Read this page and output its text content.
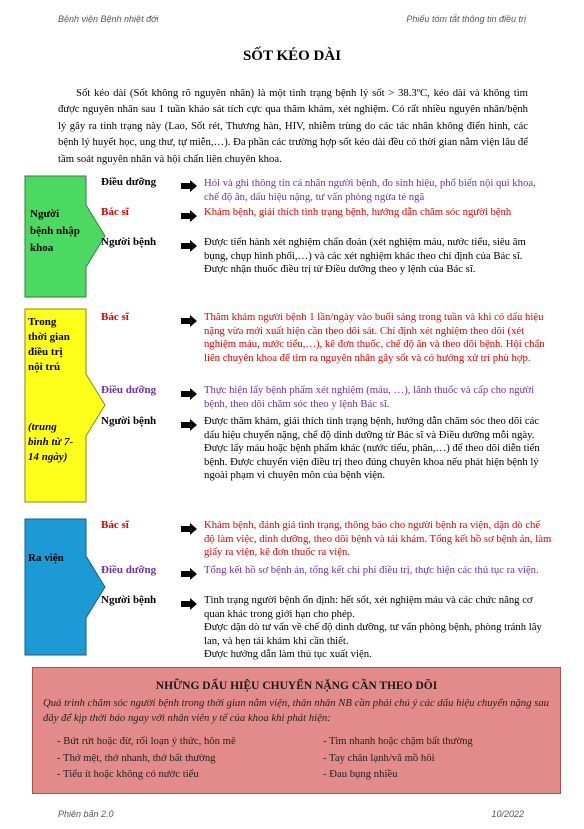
Bệnh viện Bệnh nhiệt đới	Phiếu tóm tắt thông tin điều trị
SỐT KÉO DÀI
Sốt kéo dài (Sốt không rõ nguyên nhân) là một tình trạng bệnh lý sốt > 38.3ºC, kéo dài và không tìm được nguyên nhân sau 1 tuần khảo sát tích cực qua thăm khám, xét nghiệm. Có rất nhiều nguyên nhân/bệnh lý gây ra tình trạng này (Lao, Sốt rét, Thương hàn, HIV, nhiễm trùng do các tác nhân không điển hình, các bệnh lý huyết học, ung thư, tự miễn,…). Đa phần các trường hợp sốt kéo dài đều có thời gian nằm viện lâu để tầm soát nguyên nhân và hội chẩn liên chuyên khoa.
Người bệnh nhập khoa
Trong thời gian điều trị nội trú
(trung bình từ 7-14 ngày)
Ra viện
Điều dưỡng	Hỏi và ghi thông tin cá nhân người bệnh, đo sinh hiệu, phổ biến nội qui khoa, chế độ ăn, dấu hiệu nặng, tư vấn phòng ngừa té ngã

Bác sĩ	Khám bệnh, giải thích tình trạng bệnh, hướng dẫn chăm sóc người bệnh

Người bệnh	Được tiến hành xét nghiệm chẩn đoán (xét nghiệm máu, nước tiểu, siêu âm bụng, chụp hình phổi,…) và các xét nghiệm khác theo chỉ định của Bác sĩ.

Được nhận thuốc điều trị từ Điều dưỡng theo y lệnh của Bác sĩ.

Bác sĩ	Thăm khám người bệnh 1 lần/ngày vào buổi sáng trong tuần và khi có dấu hiệu nặng vừa mới xuất hiện cần theo dõi sát. Chỉ định xét nghiệm theo dõi (xét nghiệm máu, nước tiểu,…), kê đơn thuốc, chế độ ăn và theo dõi bệnh. Hội chẩn liên chuyên khoa để tìm ra nguyên nhân gây sốt và có hướng xử trí phù hợp.

Điều dưỡng	Thực hiện lấy bệnh phẩm xét nghiệm (máu, …), lãnh thuốc và cấp cho người bệnh, theo dõi chăm sóc theo y lệnh Bác sĩ.

Người bệnh	Được thăm khám, giải thích tình trạng bệnh, hướng dẫn chăm sóc theo dõi các dấu hiệu chuyển nặng, chế độ dinh dưỡng từ Bác sĩ và Điều dưỡng mỗi ngày. Được lấy máu hoặc bệnh phẩm khác (nước tiểu, phân,…) để theo dõi diễn tiến bệnh. Được chuyển viện điều trị theo đúng chuyên khoa nếu phát hiện bệnh lý ngoài phạm vi chuyên môn của bệnh viện.

Bác sĩ	Khám bệnh, đánh giá tình trạng, thông báo cho người bệnh ra viện, dặn dò chế độ làm việc, dinh dưỡng, theo dõi bệnh và tái khám. Tổng kết hồ sơ bệnh án, làm giấy ra viện, kê đơn thuốc ra viện.

Điều dưỡng	Tổng kết hồ sơ bệnh án, tổng kết chi phí điều trị, thực hiện các thủ tục ra viện.

Người bệnh	Tình trạng người bệnh ổn định: hết sốt, xét nghiệm máu và các chức năng cơ quan khác trong giới hạn cho phép.

Được dặn dò tư vấn về chế độ dinh dưỡng, tư vấn phòng bệnh, phòng tránh lây lan, và hẹn tái khám khi cần thiết.

Được hướng dẫn làm thủ tục xuất viện.

NHỮNG DẤU HIỆU CHUYỂN NẶNG CẦN THEO DÕI
Quá trình chăm sóc người bệnh trong thời gian nằm viện, thân nhân NB cần phải chú ý các dấu hiệu chuyển nặng sau đây để kịp thời báo ngay với nhân viên y tế của khoa khi phát hiện:
- Bứt rứt hoặc đừ, rối loạn ý thức, hôn mê
- Thở mệt, thở nhanh, thở bất thường
- Tiểu ít hoặc không có nước tiểu
- Tim nhanh hoặc chậm bất thường
- Tay chân lạnh/vã mồ hôi
- Đau bụng nhiều
Phiên bản 2.0	10/2022
